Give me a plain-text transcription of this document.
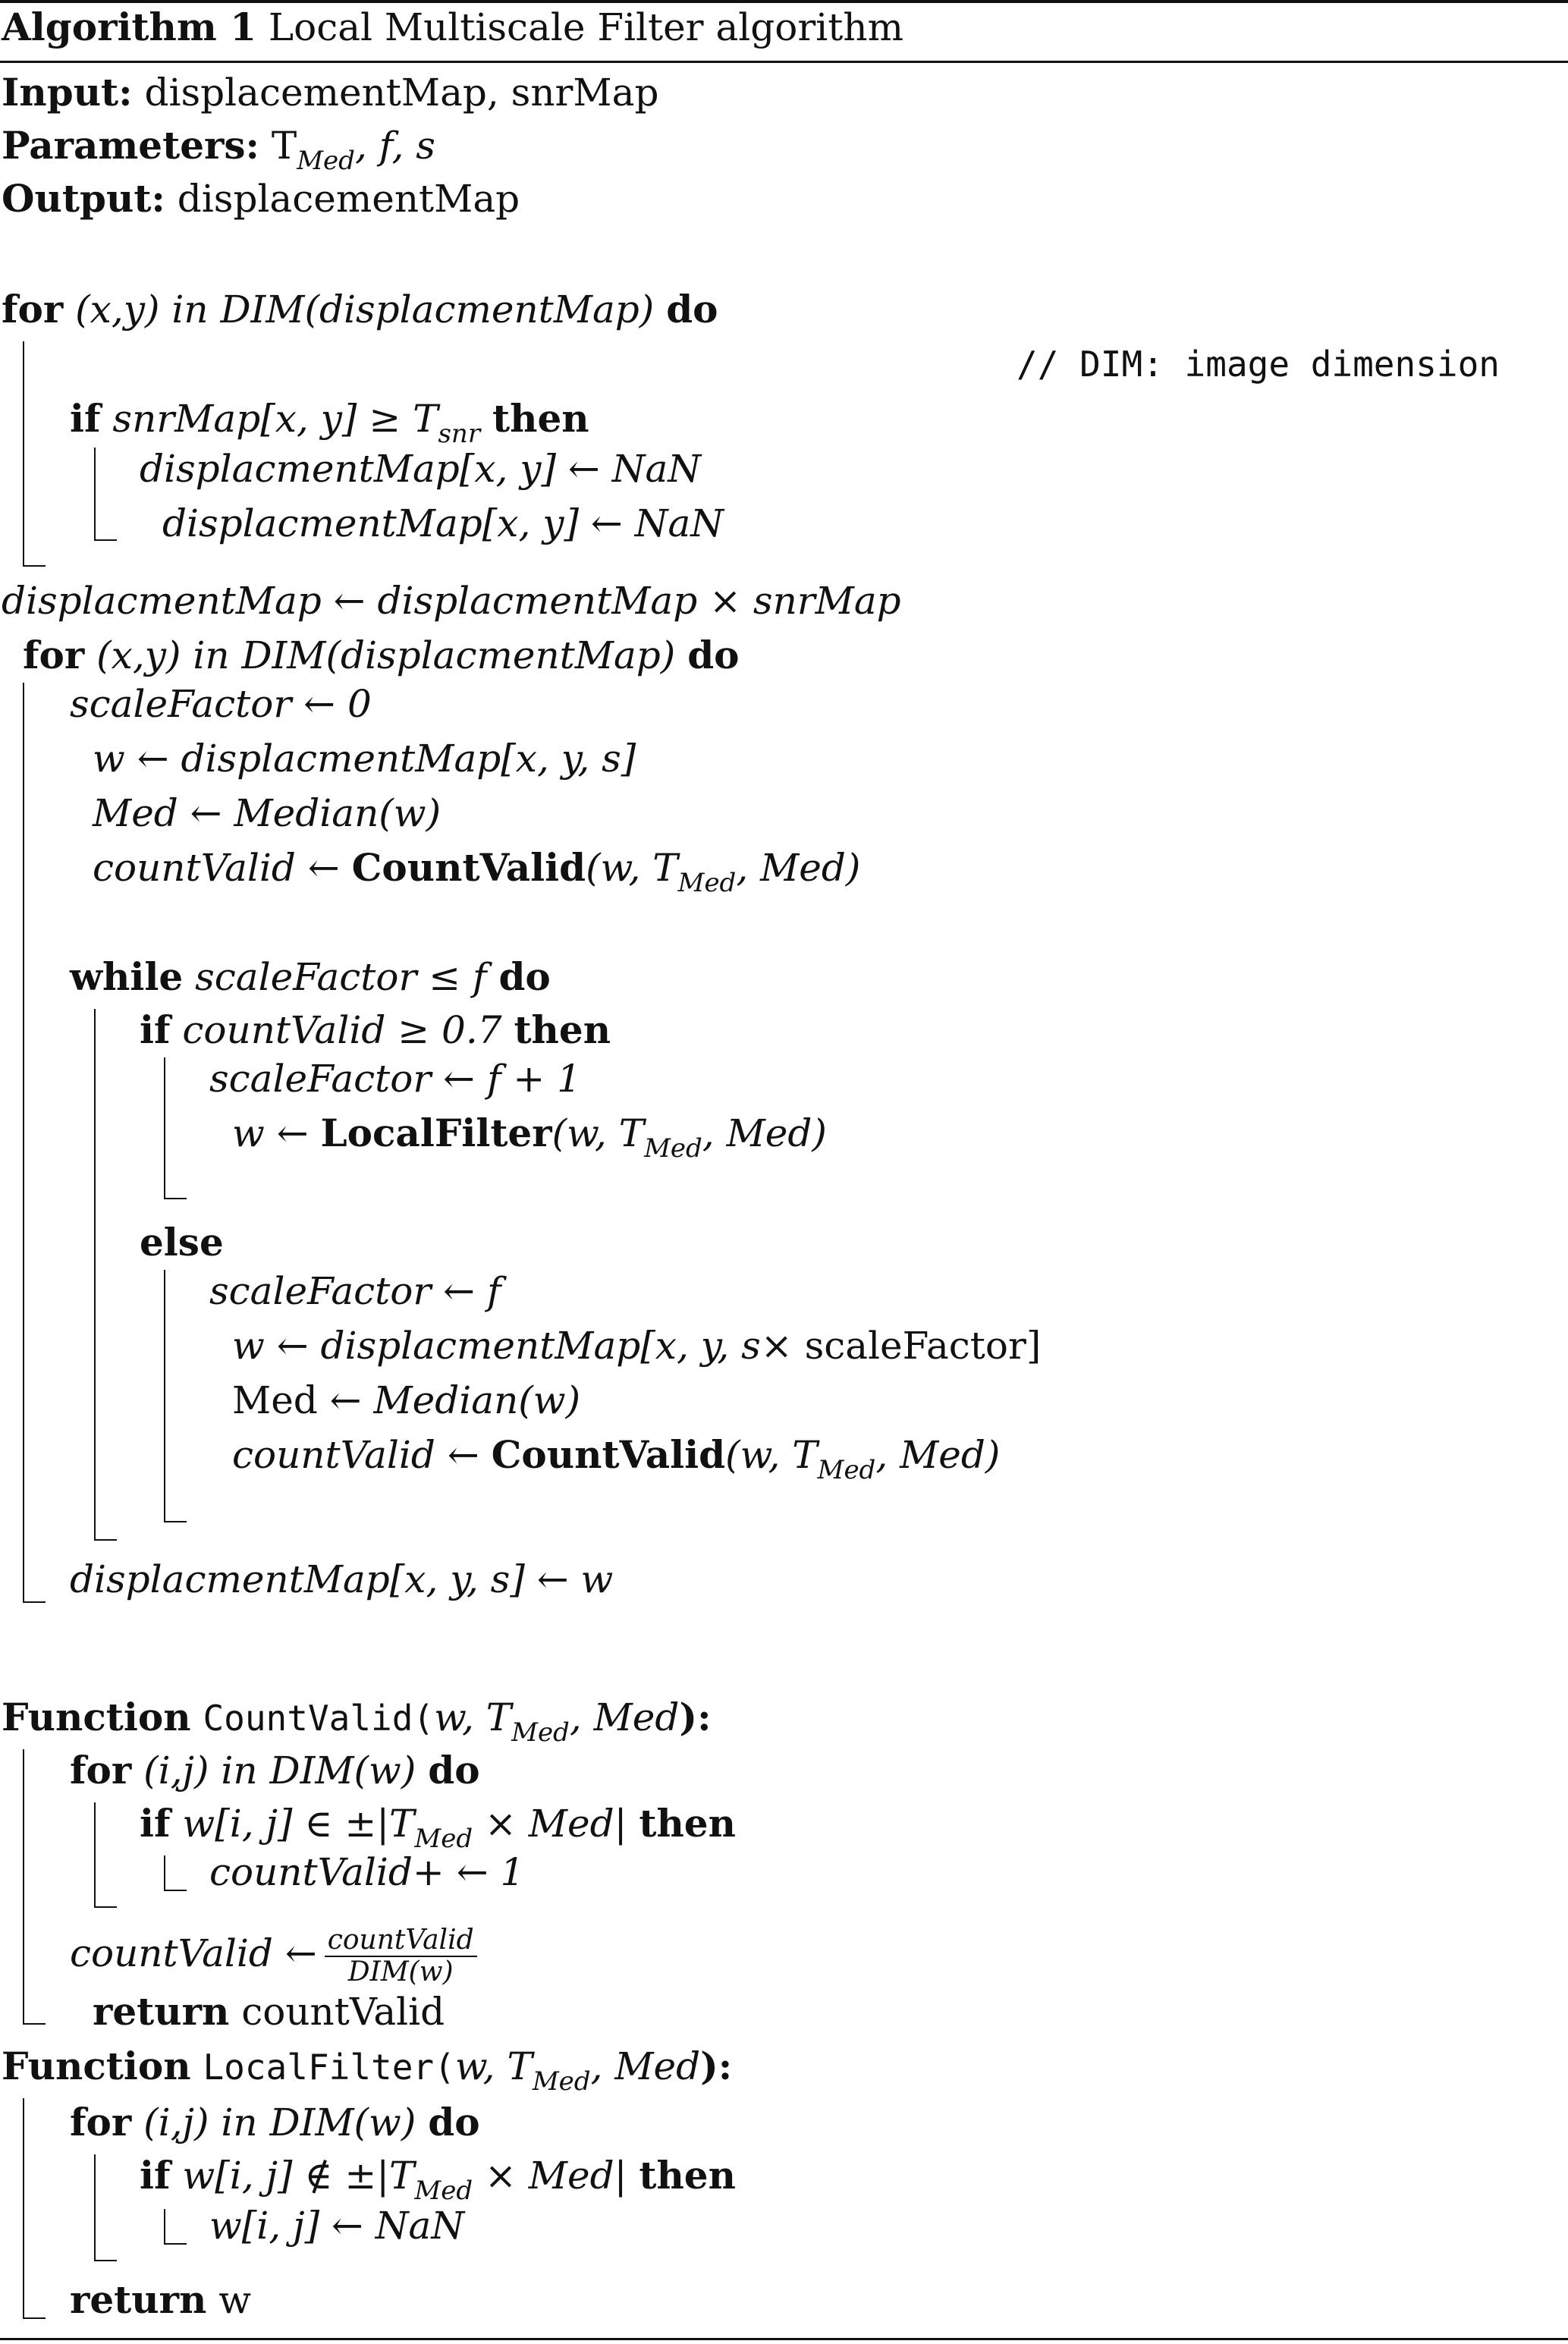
Algorithm 1 Local Multiscale Filter algorithm
Input: displacementMap, snrMap
Parameters: $T_{Med}$, f, s
Output: displacementMap
for (x,y) in DIM(displacmentMap) do
// DIM: image dimension
if snrMap[x, $y] \ge T_{snr}$ then
displacmentMap[x, y] ← NaN
displacmentMap[x, y] ← NaN
displacmentMap ← displacmentMap × snrMap
for (x,y) in DIM(displacmentMap) do
scaleFactor ← 0
w ← displacmentMap[x, y, s]
Med ← Median(w)
countValid ← CountValid(w, $T_{Med}$, Med)
while scaleFactor ≤ f do
if countValid ≥ 0.7 then
scaleFactor ← f + 1
w ← LocalFilter(w, $T_{Med}$, Med)
else
scaleFactor ← f
w ← displacmentMap[x, y, s× scaleFactor]
Med ← Median(w)
countValid ← CountValid(w, $T_{Med}$, Med)
displacmentMap[x, y, s] ← w
Function CountValid(w, $T_{Med}$, Med):
for (i,j) in DIM(w) do
if w[i, j] ∈ $\pm|T_{Med} \times Med|$ then
countValid+ ← 1
countValid ← $\frac{\text{countValid}}{\text{DIM(w)}}$
return countValid
Function LocalFilter(w, $T_{Med}$, Med):
for (i,j) in DIM(w) do
if w[i, j] ∉ $\pm|T_{Med} \times Med|$ then
w[i, j] ← NaN
return w
